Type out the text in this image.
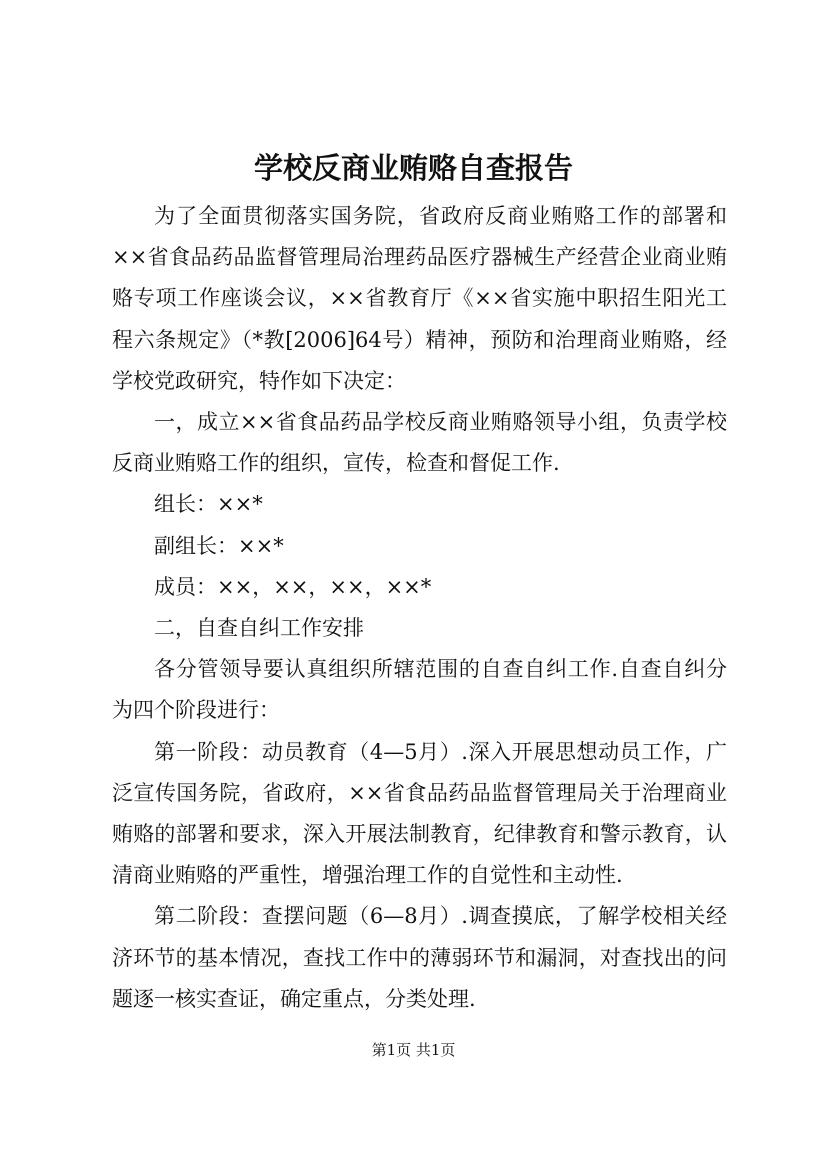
学校反商业贿赂自查报告

为了全面贯彻落实国务院，省政府反商业贿赂工作的部署和××省食品药品监督管理局治理药品医疗器械生产经营企业商业贿赂专项工作座谈会议，××省教育厅《××省实施中职招生阳光工程六条规定》（*教[2006]64号）精神，预防和治理商业贿赂，经学校党政研究，特作如下决定：

一，成立××省食品药品学校反商业贿赂领导小组，负责学校反商业贿赂工作的组织，宣传，检查和督促工作.

组长：××*

副组长：××*

成员：××，××，××，××*

二，自查自纠工作安排

各分管领导要认真组织所辖范围的自查自纠工作.自查自纠分为四个阶段进行：

第一阶段：动员教育（4—5月）.深入开展思想动员工作，广泛宣传国务院，省政府，××省食品药品监督管理局关于治理商业贿赂的部署和要求，深入开展法制教育，纪律教育和警示教育，认清商业贿赂的严重性，增强治理工作的自觉性和主动性.

第二阶段：查摆问题（6—8月）.调查摸底，了解学校相关经济环节的基本情况，查找工作中的薄弱环节和漏洞，对查找出的问题逐一核实查证，确定重点，分类处理.

第1页 共1页
